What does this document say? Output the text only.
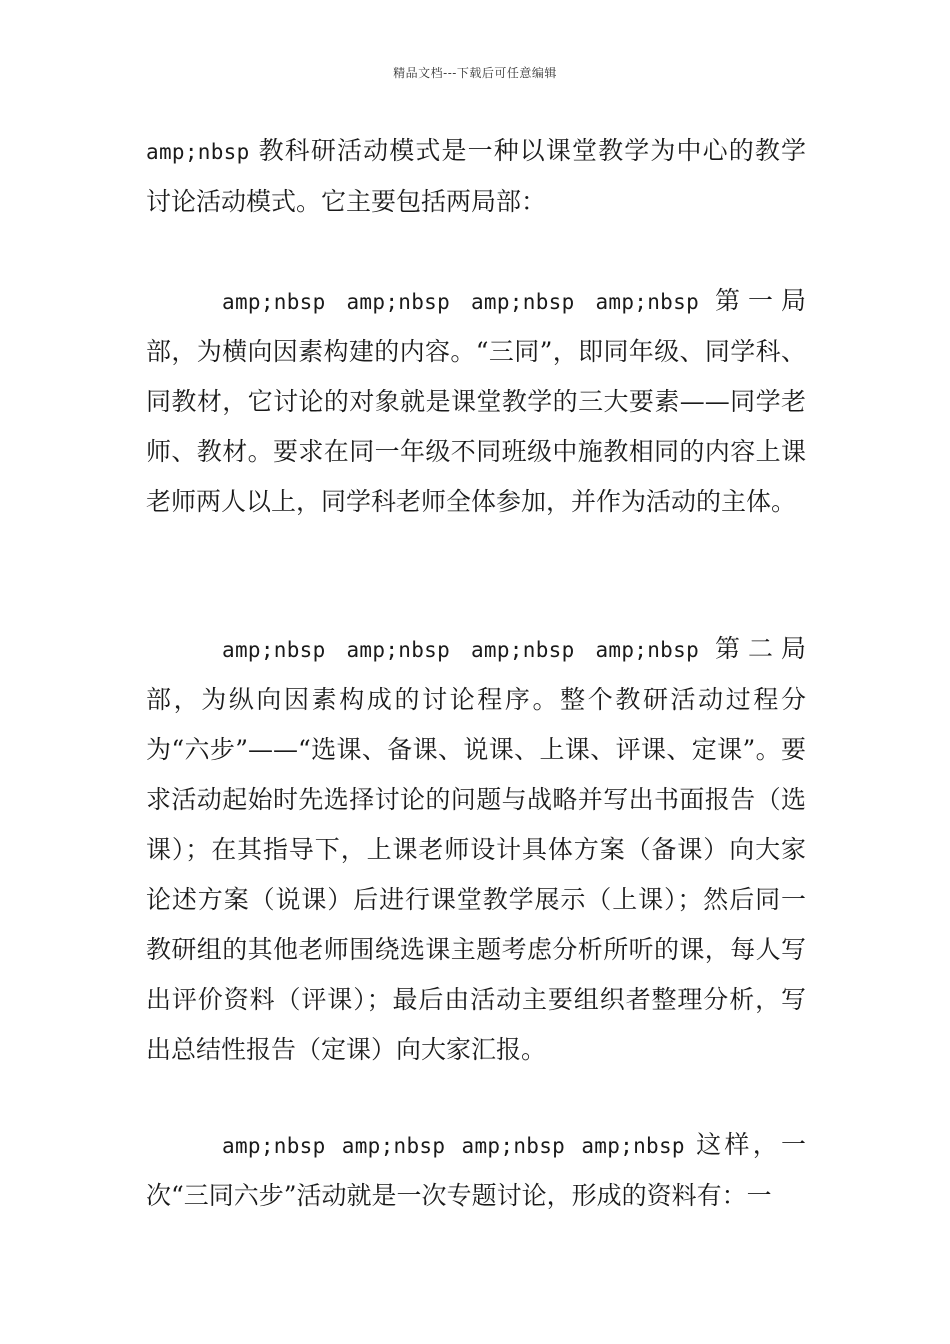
精品文档---下载后可任意编辑

amp;nbsp 教科研活动模式是一种以课堂教学为中心的教学讨论活动模式。它主要包括两局部：

amp;nbsp amp;nbsp amp;nbsp amp;nbsp 第一局部，为横向因素构建的内容。“三同”，即同年级、同学科、同教材，它讨论的对象就是课堂教学的三大要素——同学老师、教材。要求在同一年级不同班级中施教相同的内容上课老师两人以上，同学科老师全体参加，并作为活动的主体。

amp;nbsp amp;nbsp amp;nbsp amp;nbsp 第二局部，为纵向因素构成的讨论程序。整个教研活动过程分为“六步”——“选课、备课、说课、上课、评课、定课”。要求活动起始时先选择讨论的问题与战略并写出书面报告（选课）；在其指导下，上课老师设计具体方案（备课）向大家论述方案（说课）后进行课堂教学展示（上课）；然后同一教研组的其他老师围绕选课主题考虑分析所听的课，每人写出评价资料（评课）；最后由活动主要组织者整理分析，写出总结性报告（定课）向大家汇报。

amp;nbsp amp;nbsp amp;nbsp amp;nbsp 这样，一次“三同六步”活动就是一次专题讨论，形成的资料有：一
